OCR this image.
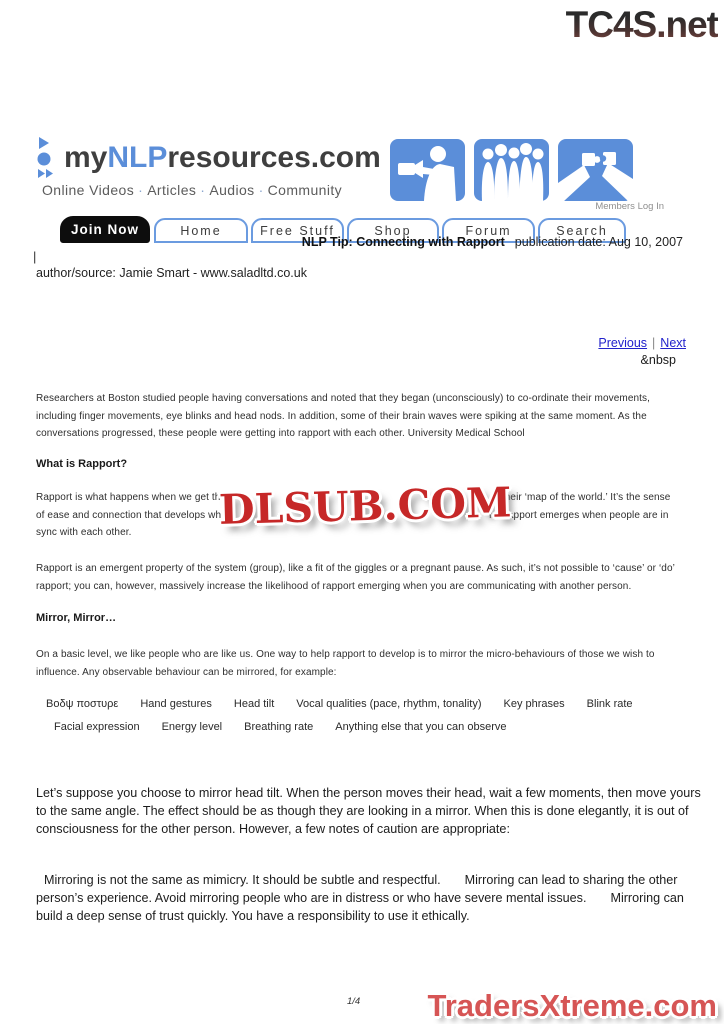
TC4S.net
myNLPresources.com
Online Videos · Articles · Audios · Community
Members Log In
Join Now	Home	Free Stuff	Shop	Forum	Search
NLP Tip: Connecting with Rapport publication date: Aug 10, 2007
|
author/source: Jamie Smart - www.saladltd.co.uk
Previous | Next
&nbsp
Researchers at Boston studied people having conversations and noted that they began (unconsciously) to co-ordinate their movements, including finger movements, eye blinks and head nods. In addition, some of their brain waves were spiking at the same moment. As the conversations progressed, these people were getting into rapport with each other. University Medical School
What is Rapport?
Rapport is what happens when we get th	at their ‘map of the world.’ It’s the sense
of ease and connection that develops wh	h. Rapport emerges when people are in
sync with each other.	DLSUB.COM
Rapport is an emergent property of the system (group), like a fit of the giggles or a pregnant pause. As such, it’s not possible to ‘cause’ or ‘do’ rapport; you can, however, massively increase the likelihood of rapport emerging when you are communicating with another person.
Mirror, Mirror…
On a basic level, we like people who are like us. One way to help rapport to develop is to mirror the micro-behaviours of those we wish to influence. Any observable behaviour can be mirrored, for example:
Βοδψ ποστυρε Hand gestures Head tilt Vocal qualities (pace, rhythm, tonality) Key phrases Blink rate
Facial expression Energy level Breathing rate Anything else that you can observe
Let’s suppose you choose to mirror head tilt. When the person moves their head, wait a few moments, then move yours to the same angle. The effect should be as though they are looking in a mirror. When this is done elegantly, it is out of consciousness for the other person. However, a few notes of caution are appropriate:
Mirroring is not the same as mimicry. It should be subtle and respectful. Mirroring can lead to sharing the other person’s experience. Avoid mirroring people who are in distress or who have severe mental issues. Mirroring can build a deep sense of trust quickly. You have a responsibility to use it ethically.
1/4 TradersXtreme.com
